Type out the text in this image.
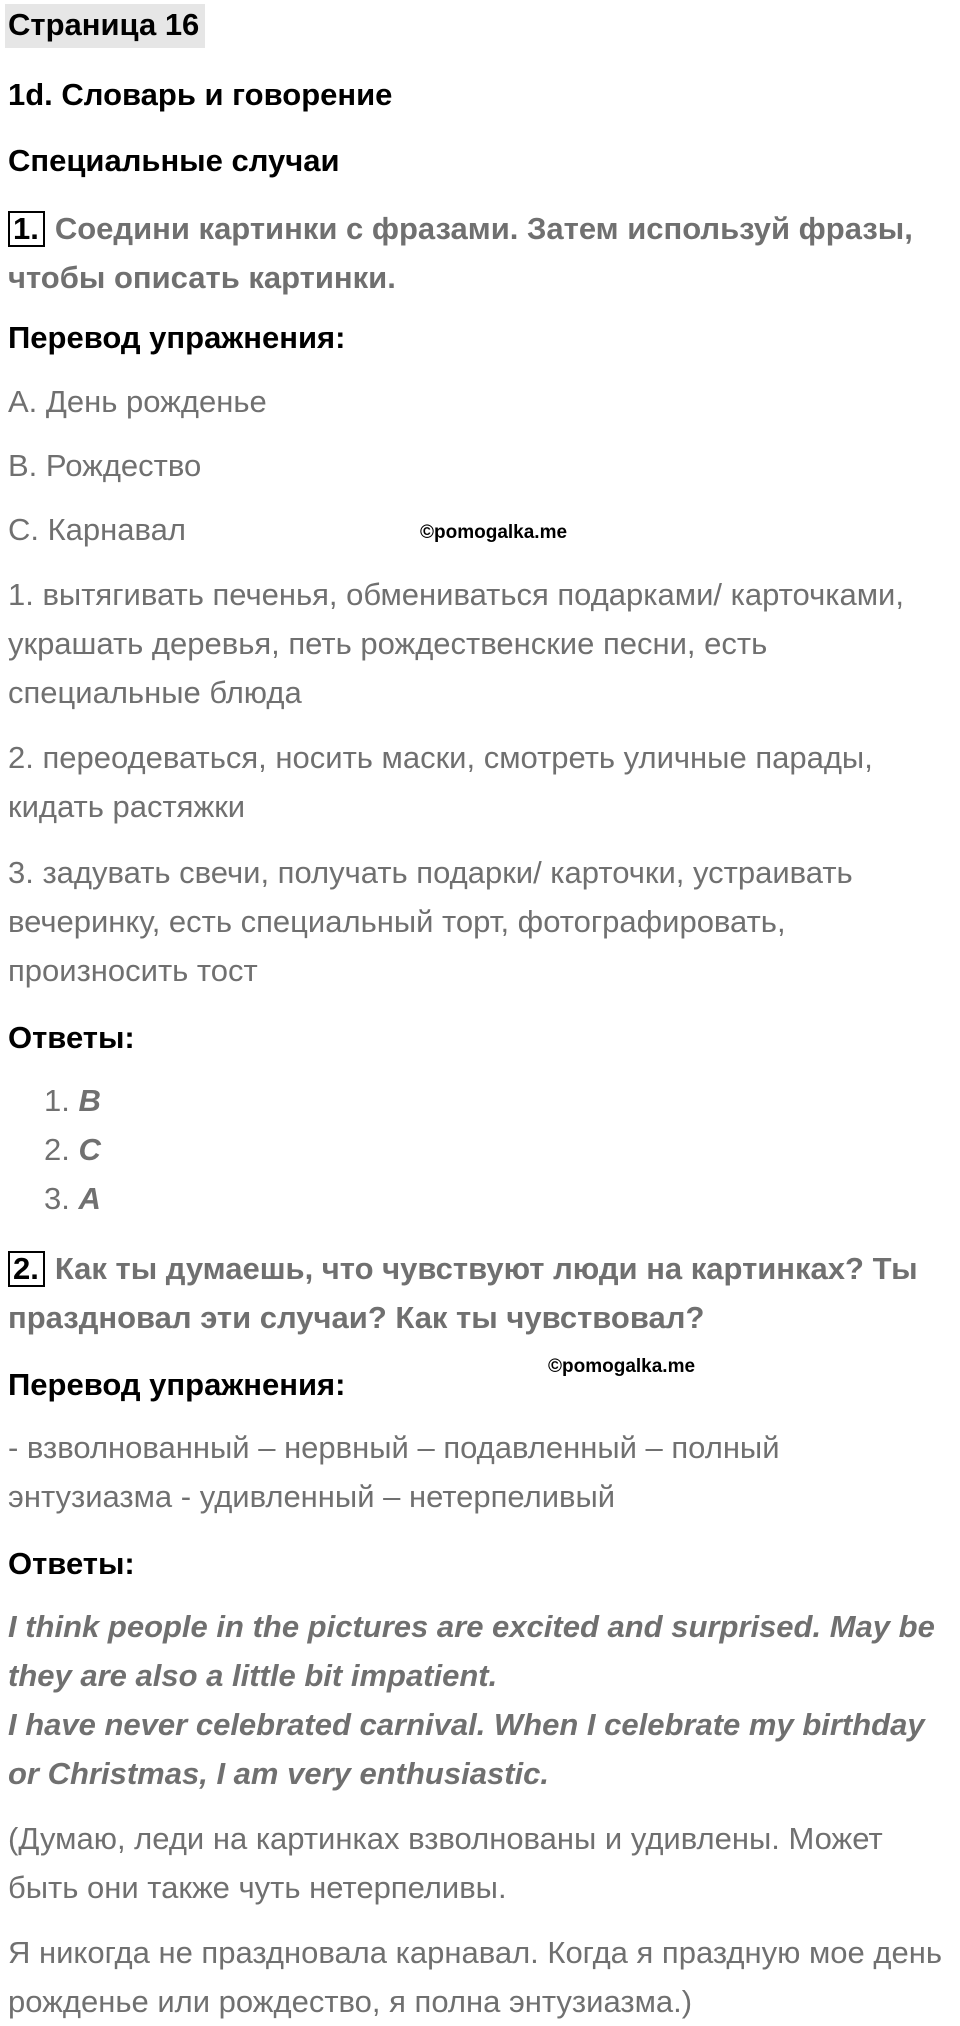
Страница 16
1d. Словарь и говорение
Специальные случаи
1. Соедини картинки с фразами. Затем используй фразы, чтобы описать картинки.
Перевод упражнения:
A. День рожденье
B. Рождество
C. Карнавал	©pomogalka.me
1. вытягивать печенья, обмениваться подарками/ карточками, украшать деревья, петь рождественские песни, есть специальные блюда
2. переодеваться, носить маски, смотреть уличные парады, кидать растяжки
3. задувать свечи, получать подарки/ карточки, устраивать вечеринку, есть специальный торт, фотографировать, произносить тост
Ответы:
1. B
2. C
3. A
2. Как ты думаешь, что чувствуют люди на картинках? Ты праздновал эти случаи? Как ты чувствовал?
©pomogalka.me
Перевод упражнения:
- взволнованный – нервный – подавленный – полный энтузиазма - удивленный – нетерпеливый
Ответы:
I think people in the pictures are excited and surprised. May be they are also a little bit impatient.
I have never celebrated carnival. When I celebrate my birthday or Christmas, I am very enthusiastic.
(Думаю, леди на картинках взволнованы и удивлены. Может быть они также чуть нетерпеливы.
Я никогда не праздновала карнавал. Когда я праздную мое день рожденье или рождество, я полна энтузиазма.)
